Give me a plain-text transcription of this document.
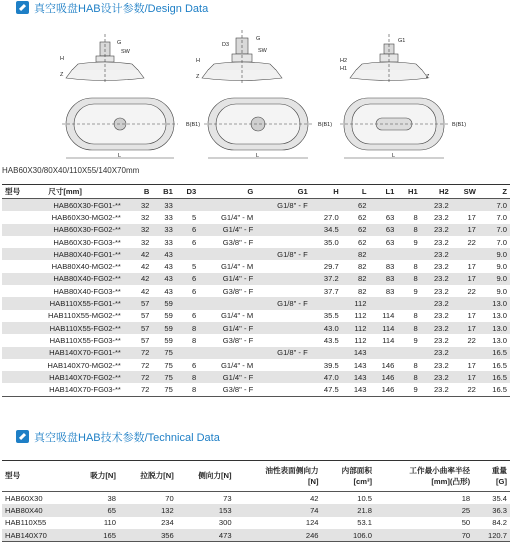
真空吸盘HAB设计参数/Design Data
G
SW
H
Z
L
B(B1)
G
SW
D3
H
Z
L
B(B1)
G1
H2
H1
Z
L
B(B1)
HAB60X30/80X40/110X55/140X70mm
型号 尺寸[mm]	B	B1	D3	G	G1	H	L	L1	H1	H2	SW	Z
HAB60X30-FG01-**	32	33			G1/8" - F		62			23.2		7.0
HAB60X30-MG02-**	32	33	5	G1/4" - M		27.0	62	63	8	23.2	17	7.0
HAB60X30-FG02-**	32	33	6	G1/4" - F		34.5	62	63	8	23.2	17	7.0
HAB60X30-FG03-**	32	33	6	G3/8" - F		35.0	62	63	9	23.2	22	7.0
HAB80X40-FG01-**	42	43			G1/8" - F		82			23.2		9.0
HAB80X40-MG02-**	42	43	5	G1/4" - M		29.7	82	83	8	23.2	17	9.0
HAB80X40-FG02-**	42	43	6	G1/4" - F		37.2	82	83	8	23.2	17	9.0
HAB80X40-FG03-**	42	43	6	G3/8" - F		37.7	82	83	9	23.2	22	9.0
HAB110X55-FG01-**	57	59			G1/8" - F		112			23.2		13.0
HAB110X55-MG02-**	57	59	6	G1/4" - M		35.5	112	114	8	23.2	17	13.0
HAB110X55-FG02-**	57	59	8	G1/4" - F		43.0	112	114	8	23.2	17	13.0
HAB110X55-FG03-**	57	59	8	G3/8" - F		43.5	112	114	9	23.2	22	13.0
HAB140X70-FG01-**	72	75			G1/8" - F		143			23.2		16.5
HAB140X70-MG02-**	72	75	6	G1/4" - M		39.5	143	146	8	23.2	17	16.5
HAB140X70-FG02-**	72	75	8	G1/4" - F		47.0	143	146	8	23.2	17	16.5
HAB140X70-FG03-**	72	75	8	G3/8" - F		47.5	143	146	9	23.2	22	16.5
真空吸盘HAB技术参数/Technical Data
型号	吸力[N]	拉脱力[N]	侧向力[N]	油性表面侧向力
[N]	内部面积
[cm³]	工作最小曲率半径
[mm](凸形)	重量
[G]
HAB60X30	38	70	73	42	10.5	18	35.4
HAB80X40	65	132	153	74	21.8	25	36.3
HAB110X55	110	234	300	124	53.1	50	84.2
HAB140X70	165	356	473	246	106.0	70	120.7
